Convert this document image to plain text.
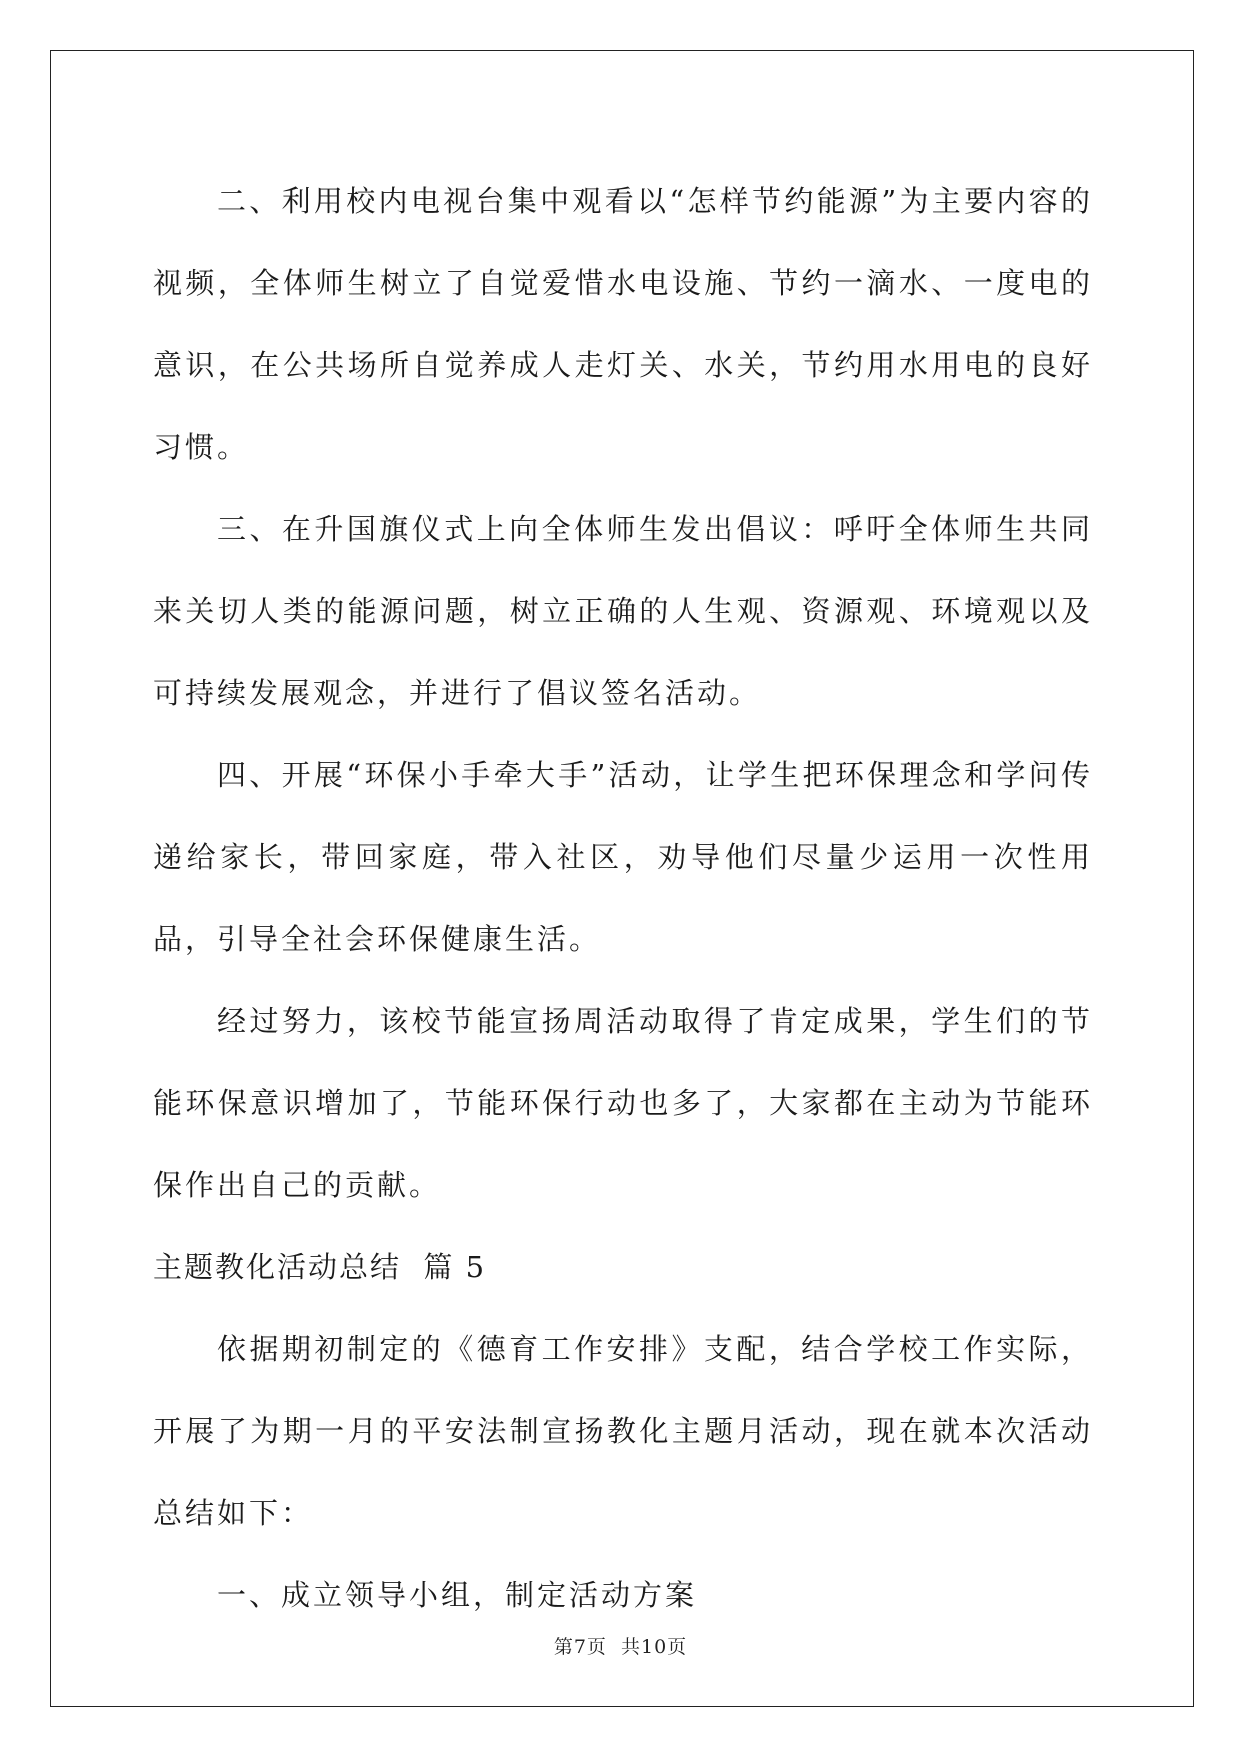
二、利用校内电视台集中观看以“怎样节约能源”为主要内容的视频，全体师生树立了自觉爱惜水电设施、节约一滴水、一度电的意识，在公共场所自觉养成人走灯关、水关，节约用水用电的良好习惯。

三、在升国旗仪式上向全体师生发出倡议：呼吁全体师生共同来关切人类的能源问题，树立正确的人生观、资源观、环境观以及可持续发展观念，并进行了倡议签名活动。

四、开展“环保小手牵大手”活动，让学生把环保理念和学问传递给家长，带回家庭，带入社区，劝导他们尽量少运用一次性用品，引导全社会环保健康生活。

经过努力，该校节能宣扬周活动取得了肯定成果，学生们的节能环保意识增加了，节能环保行动也多了，大家都在主动为节能环保作出自己的贡献。

主题教化活动总结  篇 5

依据期初制定的《德育工作安排》支配，结合学校工作实际，开展了为期一月的平安法制宣扬教化主题月活动，现在就本次活动总结如下：

一、成立领导小组，制定活动方案

第7页  共10页
